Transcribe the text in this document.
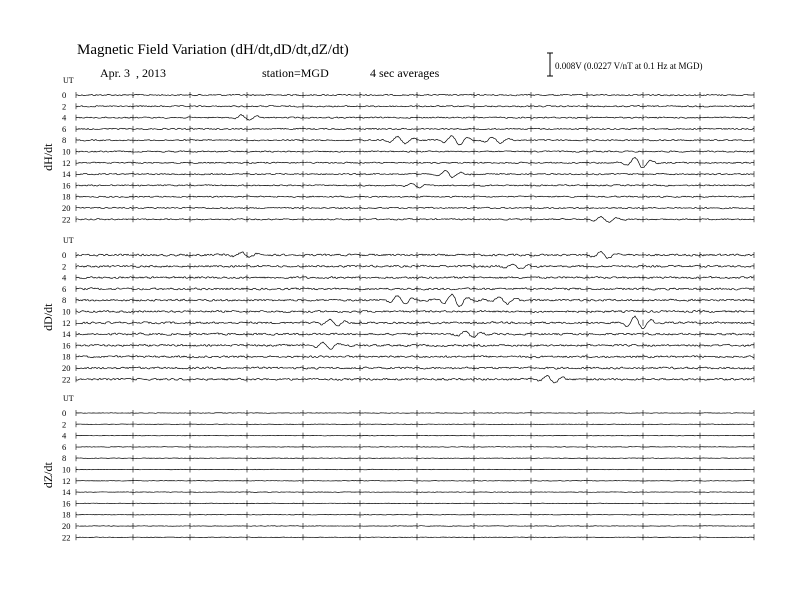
Magnetic Field Variation (dH/dt,dD/dt,dZ/dt)
Apr. 3 , 2013	station=MGD	4 sec averages	0.008V (0.0227 V/nT at 0.1 Hz at MGD)
UT
dH/dt
0
2
4
6
8
10
12
14
16
18
20
22
UT
dD/dt
0
2
4
6
8
10
12
14
16
18
20
22
UT
dZ/dt
0
2
4
6
8
10
12
14
16
18
20
22
